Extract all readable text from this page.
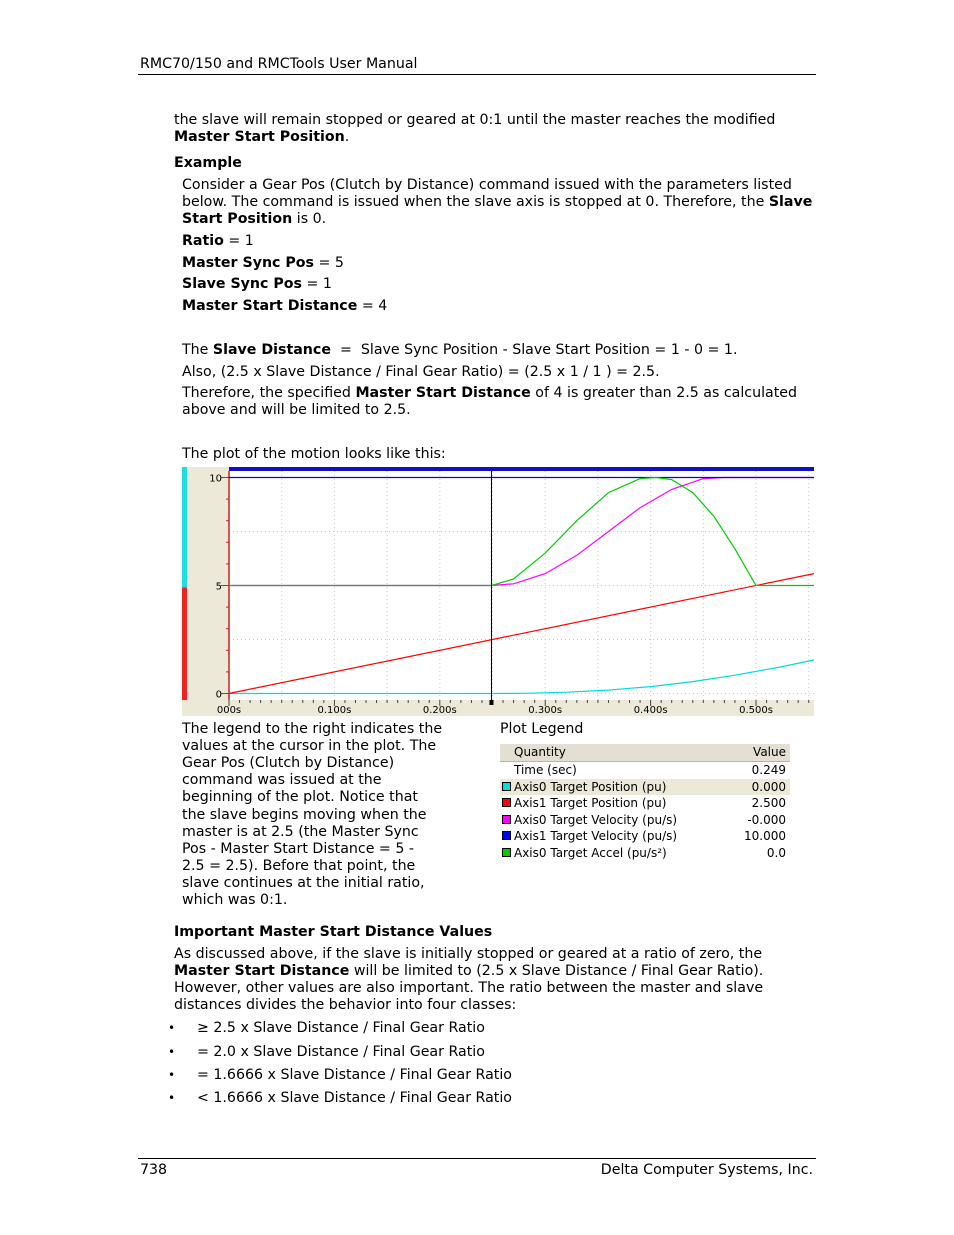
RMC70/150 and RMCTools User Manual

the slave will remain stopped or geared at 0:1 until the master reaches the modified

Master Start Position.

Example

Consider a Gear Pos (Clutch by Distance) command issued with the parameters listed

below. The command is issued when the slave axis is stopped at 0. Therefore, the Slave

Start Position is 0.

Ratio = 1

Master Sync Pos = 5

Slave Sync Pos = 1

Master Start Distance = 4

The Slave Distance  =  Slave Sync Position - Slave Start Position = 1 - 0 = 1.

Also, (2.5 x Slave Distance / Final Gear Ratio) = (2.5 x 1 / 1 ) = 2.5.

Therefore, the specified Master Start Distance of 4 is greater than 2.5 as calculated

above and will be limited to 2.5.

The plot of the motion looks like this:

0
5
10
000s	0.100s	0.200s	0.300s	0.400s	0.500s

The legend to the right indicates the

values at the cursor in the plot. The

Gear Pos (Clutch by Distance)

command was issued at the

beginning of the plot. Notice that

the slave begins moving when the

master is at 2.5 (the Master Sync

Pos - Master Start Distance = 5 -

2.5 = 2.5). Before that point, the

slave continues at the initial ratio,

which was 0:1.

Plot Legend

Quantity	Value
Time (sec)	0.249
Axis0 Target Position (pu)	0.000
Axis1 Target Position (pu)	2.500
Axis0 Target Velocity (pu/s)	-0.000
Axis1 Target Velocity (pu/s)	10.000
Axis0 Target Accel (pu/s²)	0.0

Important Master Start Distance Values

As discussed above, if the slave is initially stopped or geared at a ratio of zero, the

Master Start Distance will be limited to (2.5 x Slave Distance / Final Gear Ratio).

However, other values are also important. The ratio between the master and slave

distances divides the behavior into four classes:

• ≥ 2.5 x Slave Distance / Final Gear Ratio

• = 2.0 x Slave Distance / Final Gear Ratio

• = 1.6666 x Slave Distance / Final Gear Ratio

• < 1.6666 x Slave Distance / Final Gear Ratio

738	Delta Computer Systems, Inc.
